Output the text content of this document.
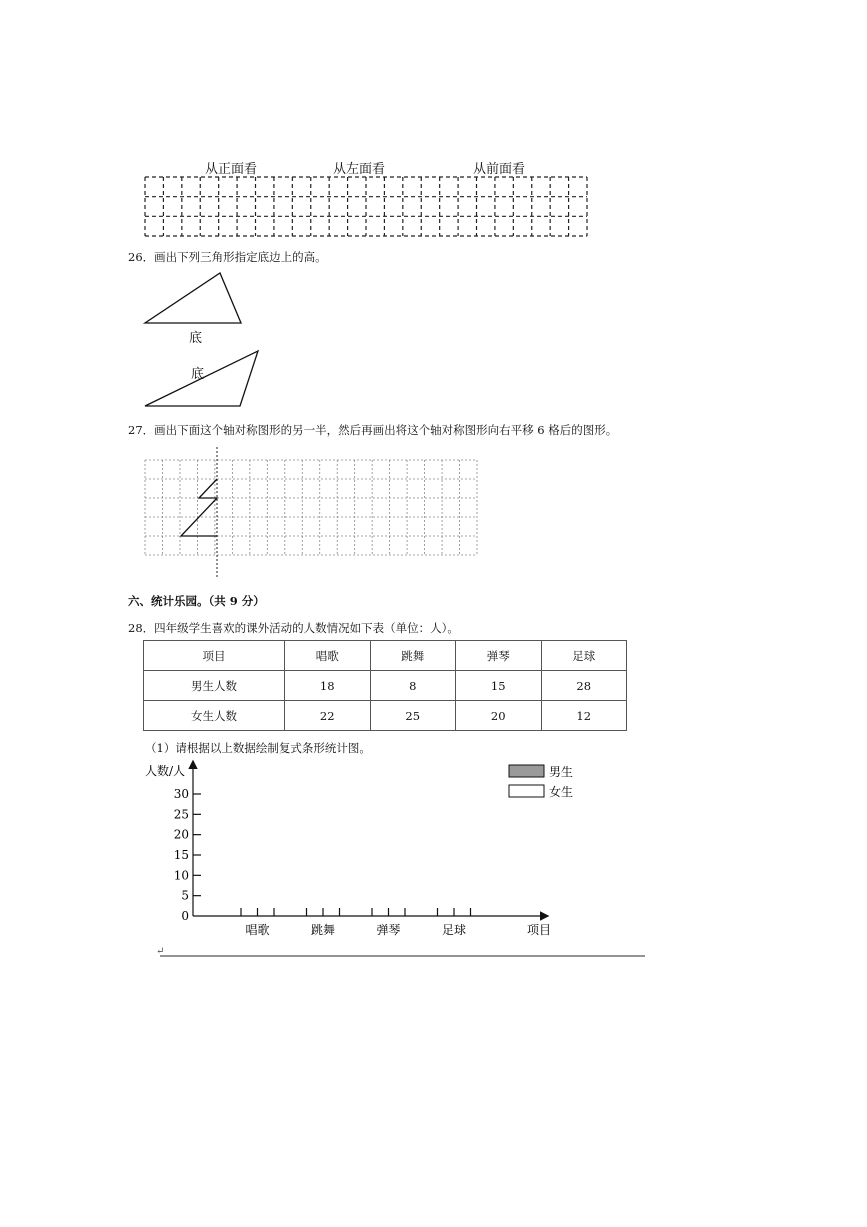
从正面看	从左面看	从前面看
26．画出下列三角形指定底边上的高。
底
底
27．画出下面这个轴对称图形的另一半，然后再画出将这个轴对称图形向右平移 6 格后的图形。
六、统计乐园。（共 9 分）
28．四年级学生喜欢的课外活动的人数情况如下表（单位：人）。
项目	唱歌	跳舞	弹琴	足球
男生人数	18	8	15	28
女生人数	22	25	20	12
（1）请根据以上数据绘制复式条形统计图。
人数/人
30
25
20
15
10
5
0
唱歌	跳舞	弹琴	足球	项目
男生
女生
↵
